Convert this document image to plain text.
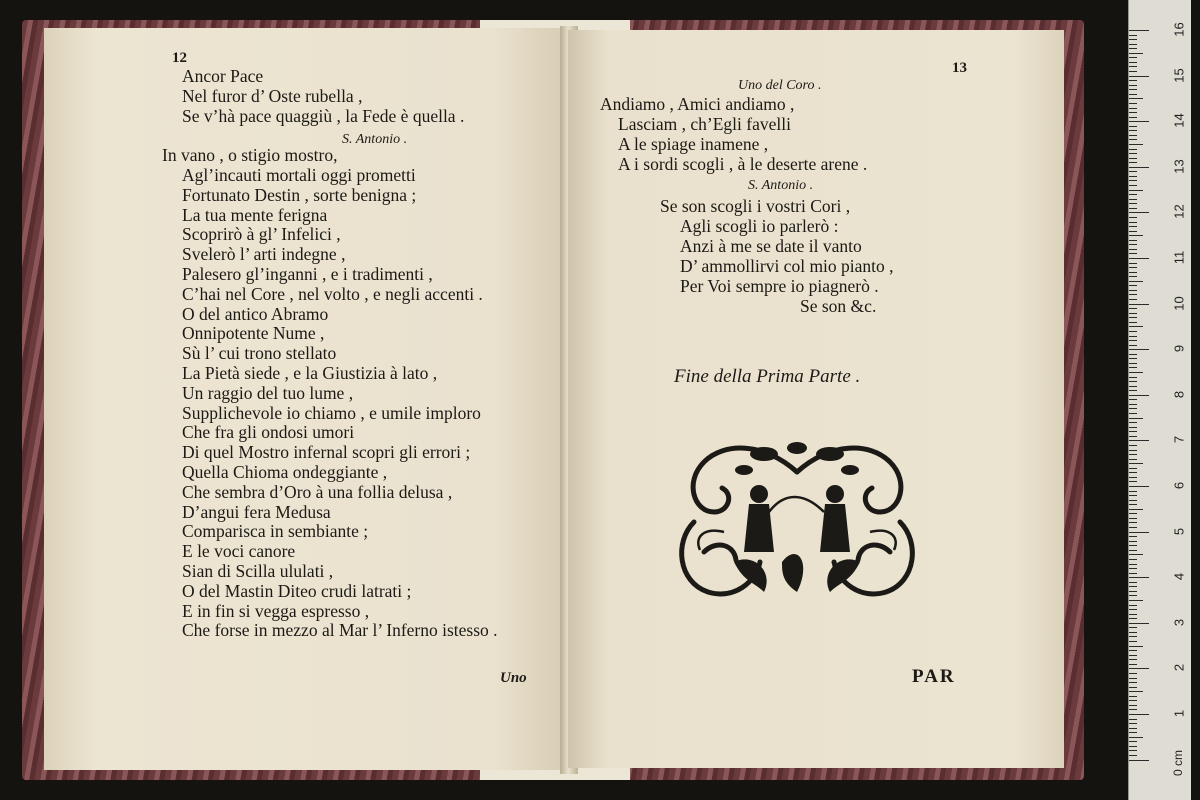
12
Ancor Pace
Nel furor d’ Oste rubella ,
Se v’hà pace quaggiù , la Fede è quella .
In vano , o stigio mostro,
Agl’incauti mortali oggi prometti
Fortunato Destin , sorte benigna ;
La tua mente ferigna
Scoprirò à gl’ Infelici ,
Svelerò l’ arti indegne ,
Palesero gl’inganni , e i tradimenti ,
C’hai nel Core , nel volto , e negli accenti .
O del antico Abramo
Onnipotente Nume ,
Sù l’ cui trono stellato
La Pietà siede , e la Giustizia à lato ,
Un raggio del tuo lume ,
Supplichevole io chiamo , e umile imploro
Che fra gli ondosi umori
Di quel Mostro infernal scopri gli errori ;
Quella Chioma ondeggiante ,
Che sembra d’Oro à una follia delusa ,
D’angui fera Medusa
Comparisca in sembiante ;
E le voci canore
Sian di Scilla ululati ,
O del Mastin Diteo crudi latrati ;
E in fin si vegga espresso ,
Che forse in mezzo al Mar l’ Inferno istesso .
S. Antonio .
Uno
13
Uno del Coro .
Andiamo , Amici andiamo ,
Lasciam , ch’Egli favelli
A le spiage inamene ,
A i sordi scogli , à le deserte arene .
S. Antonio .
Se son scogli i vostri Cori ,
Agli scogli io parlerò :
Anzi à me se date il vanto
D’ ammollirvi col mio pianto ,
Per Voi sempre io piagnerò .
Se son &c.
Fine della Prima Parte .
PAR
16
15
14
13
12
11
10
9
8
7
6
5
4
3
2
1
0 cm
